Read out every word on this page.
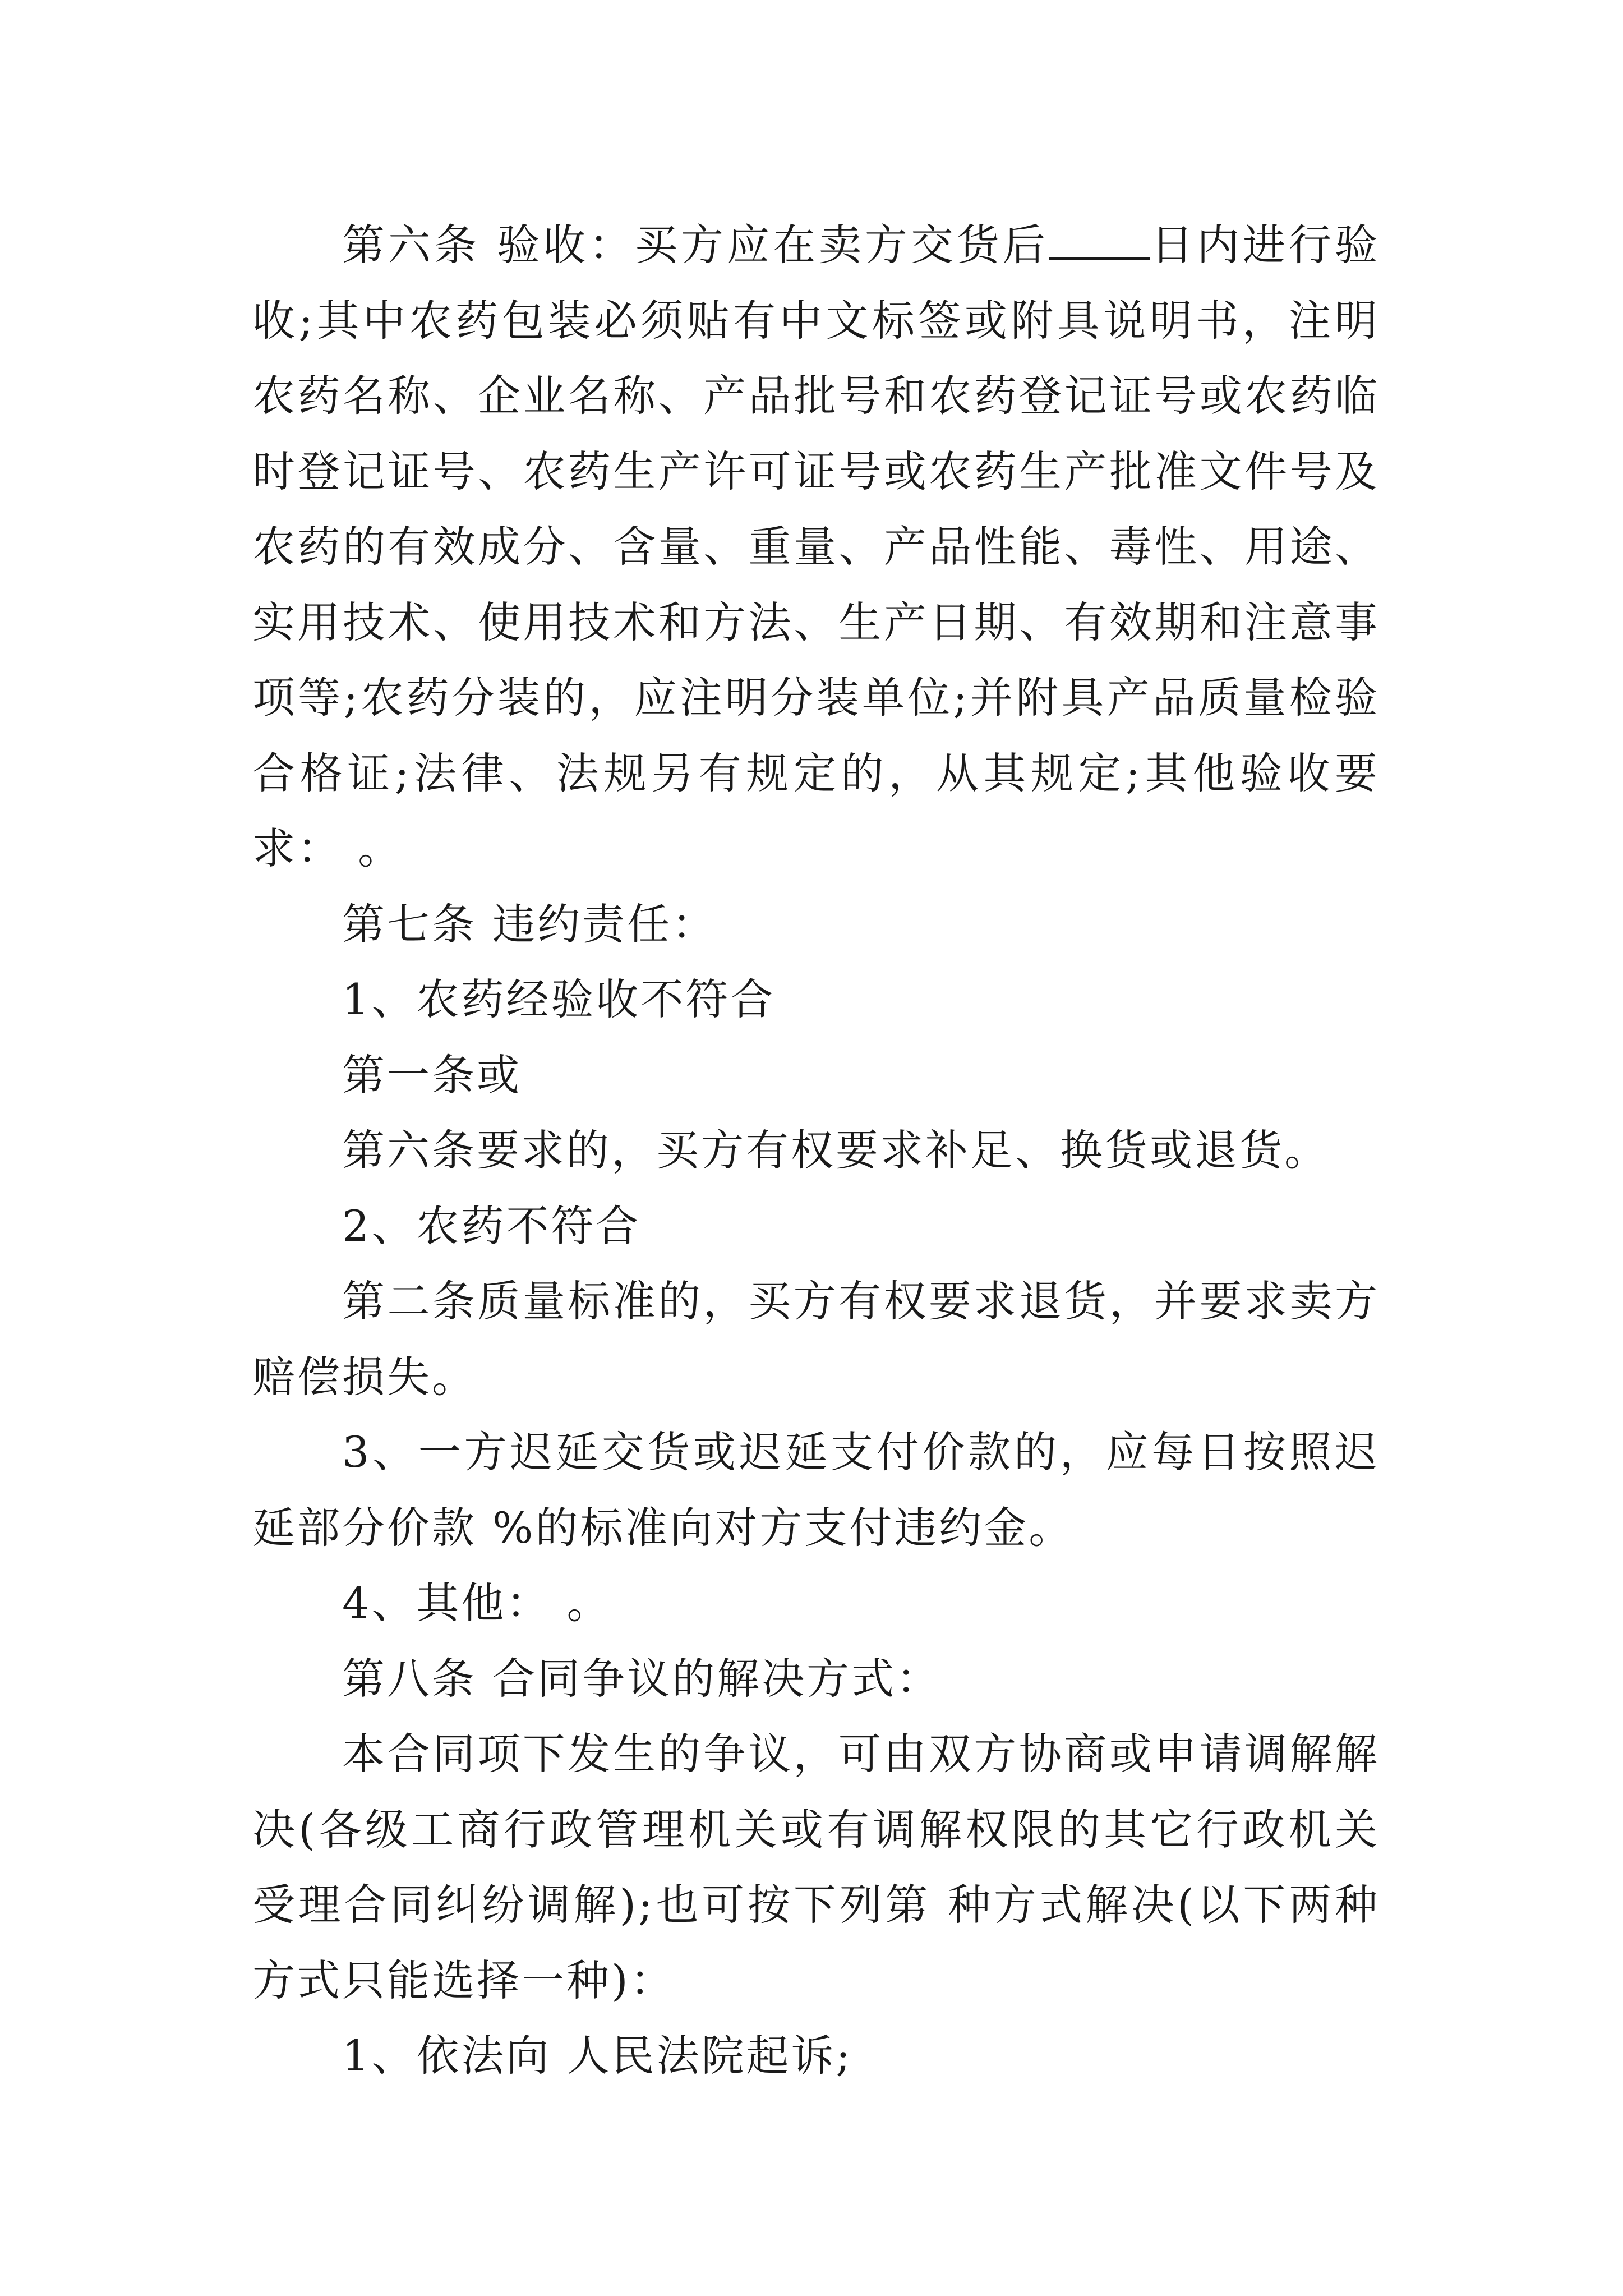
第六条 验收：买方应在卖方交货后 日内进行验收;其中农药包装必须贴有中文标签或附具说明书，注明农药名称、企业名称、产品批号和农药登记证号或农药临时登记证号、农药生产许可证号或农药生产批准文件号及农药的有效成分、含量、重量、产品性能、毒性、用途、实用技术、使用技术和方法、生产日期、有效期和注意事项等;农药分装的，应注明分装单位;并附具产品质量检验合格证;法律、法规另有规定的，从其规定;其他验收要求： 。

第七条 违约责任：

1、农药经验收不符合

第一条或

第六条要求的，买方有权要求补足、换货或退货。

2、农药不符合

第二条质量标准的，买方有权要求退货，并要求卖方赔偿损失。

3、一方迟延交货或迟延支付价款的，应每日按照迟延部分价款 %的标准向对方支付违约金。

4、其他： 。

第八条 合同争议的解决方式：

本合同项下发生的争议，可由双方协商或申请调解解决(各级工商行政管理机关或有调解权限的其它行政机关受理合同纠纷调解);也可按下列第 种方式解决(以下两种方式只能选择一种)：

1、依法向 人民法院起诉;
